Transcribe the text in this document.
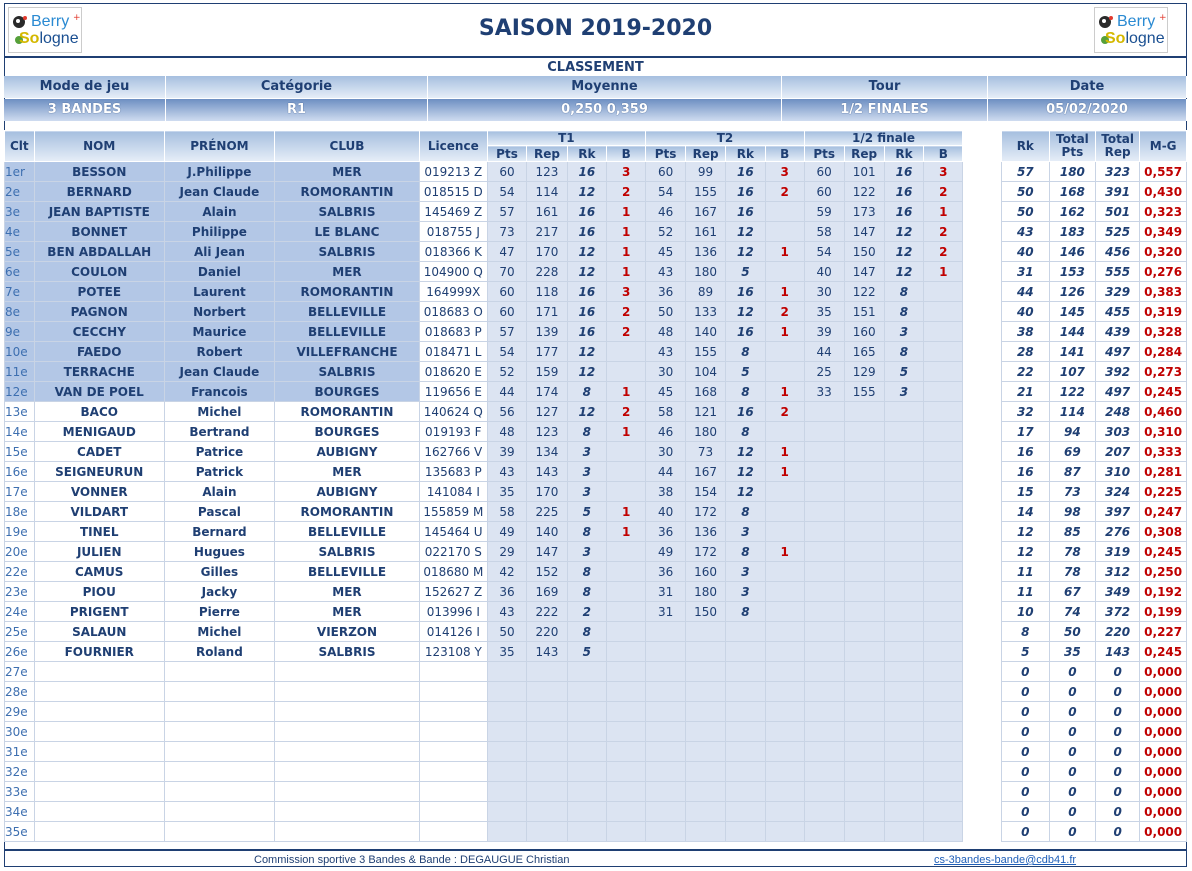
+
Berry
Sologne
+
Berry
Sologne
SAISON 2019-2020
CLASSEMENT
Mode de jeu	Catégorie	Moyenne	Tour	Date
3 BANDES	R1	0,250 0,359	1/2 FINALES	05/02/2020
Clt	NOM	PRÉNOM	CLUB	Licence	T1				T2				1/2 finale					Rk	Total Pts	Total Rep	M-G
					Pts	Rep	Rk	B	Pts	Rep	Rk	B	Pts	Rep	Rk	B					
1er	BESSON	J.Philippe	MER	019213 Z	60	123	16	3	60	99	16	3	60	101	16	3		57	180	323	0,557
2e	BERNARD	Jean Claude	ROMORANTIN	018515 D	54	114	12	2	54	155	16	2	60	122	16	2		50	168	391	0,430
3e	JEAN BAPTISTE	Alain	SALBRIS	145469 Z	57	161	16	1	46	167	16		59	173	16	1		50	162	501	0,323
4e	BONNET	Philippe	LE BLANC	018755 J	73	217	16	1	52	161	12		58	147	12	2		43	183	525	0,349
5e	BEN ABDALLAH	Ali Jean	SALBRIS	018366 K	47	170	12	1	45	136	12	1	54	150	12	2		40	146	456	0,320
6e	COULON	Daniel	MER	104900 Q	70	228	12	1	43	180	5		40	147	12	1		31	153	555	0,276
7e	POTEE	Laurent	ROMORANTIN	164999X	60	118	16	3	36	89	16	1	30	122	8			44	126	329	0,383
8e	PAGNON	Norbert	BELLEVILLE	018683 O	60	171	16	2	50	133	12	2	35	151	8			40	145	455	0,319
9e	CECCHY	Maurice	BELLEVILLE	018683 P	57	139	16	2	48	140	16	1	39	160	3			38	144	439	0,328
10e	FAEDO	Robert	VILLEFRANCHE	018471 L	54	177	12		43	155	8		44	165	8			28	141	497	0,284
11e	TERRACHE	Jean Claude	SALBRIS	018620 E	52	159	12		30	104	5		25	129	5			22	107	392	0,273
12e	VAN DE POEL	Francois	BOURGES	119656 E	44	174	8	1	45	168	8	1	33	155	3			21	122	497	0,245
13e	BACO	Michel	ROMORANTIN	140624 Q	56	127	12	2	58	121	16	2						32	114	248	0,460
14e	MENIGAUD	Bertrand	BOURGES	019193 F	48	123	8	1	46	180	8							17	94	303	0,310
15e	CADET	Patrice	AUBIGNY	162766 V	39	134	3		30	73	12	1						16	69	207	0,333
16e	SEIGNEURUN	Patrick	MER	135683 P	43	143	3		44	167	12	1						16	87	310	0,281
17e	VONNER	Alain	AUBIGNY	141084 I	35	170	3		38	154	12							15	73	324	0,225
18e	VILDART	Pascal	ROMORANTIN	155859 M	58	225	5	1	40	172	8							14	98	397	0,247
19e	TINEL	Bernard	BELLEVILLE	145464 U	49	140	8	1	36	136	3							12	85	276	0,308
20e	JULIEN	Hugues	SALBRIS	022170 S	29	147	3		49	172	8	1						12	78	319	0,245
22e	CAMUS	Gilles	BELLEVILLE	018680 M	42	152	8		36	160	3							11	78	312	0,250
23e	PIOU	Jacky	MER	152627 Z	36	169	8		31	180	3							11	67	349	0,192
24e	PRIGENT	Pierre	MER	013996 I	43	222	2		31	150	8							10	74	372	0,199
25e	SALAUN	Michel	VIERZON	014126 I	50	220	8											8	50	220	0,227
26e	FOURNIER	Roland	SALBRIS	123108 Y	35	143	5											5	35	143	0,245
27e																		0	0	0	0,000
28e																		0	0	0	0,000
29e																		0	0	0	0,000
30e																		0	0	0	0,000
31e																		0	0	0	0,000
32e																		0	0	0	0,000
33e																		0	0	0	0,000
34e																		0	0	0	0,000
35e																		0	0	0	0,000
Commission sportive 3 Bandes & Bande : DEGAUGUE Christian	cs-3bandes-bande@cdb41.fr
